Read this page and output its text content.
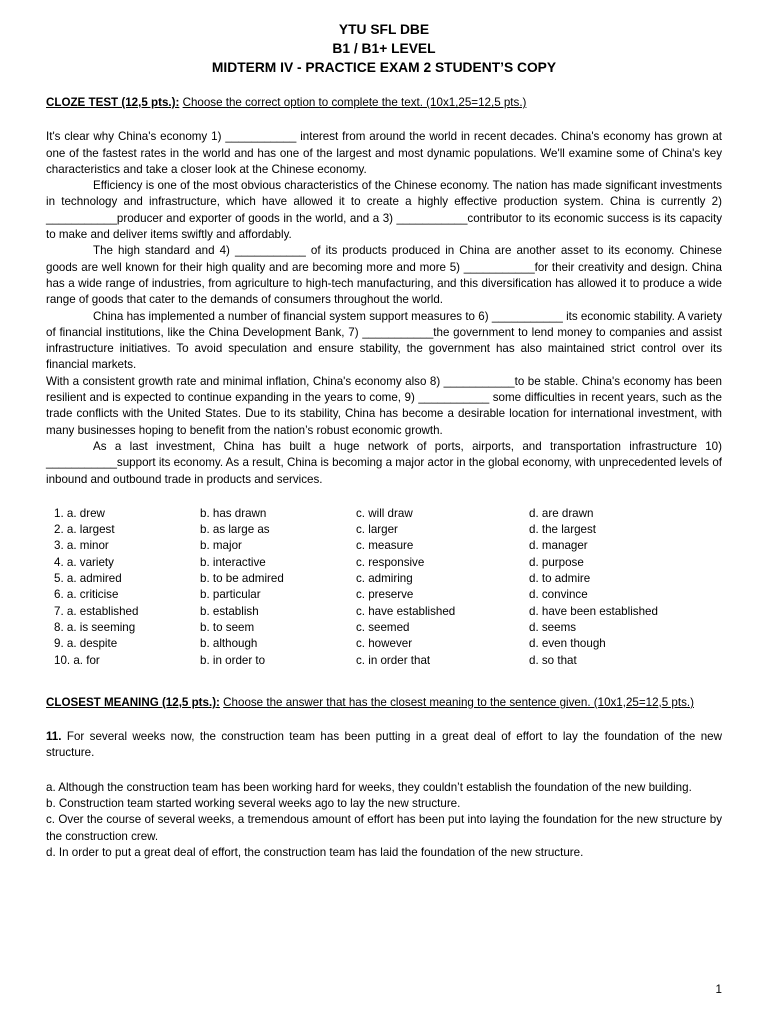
YTU SFL DBE
B1 / B1+ LEVEL
MIDTERM IV - PRACTICE EXAM 2 STUDENT’S COPY
CLOZE TEST (12,5 pts.): Choose the correct option to complete the text. (10x1,25=12,5 pts.)

It's clear why China's economy 1) ___________ interest from around the world in recent decades. China's economy has grown at one of the fastest rates in the world and has one of the largest and most dynamic populations. We'll examine some of China's key characteristics and take a closer look at the Chinese economy.

Efficiency is one of the most obvious characteristics of the Chinese economy. The nation has made significant investments in technology and infrastructure, which have allowed it to create a highly effective production system. China is currently 2) ___________producer and exporter of goods in the world, and a 3) ___________contributor to its economic success is its capacity to make and deliver items swiftly and affordably.

The high standard and 4) ___________ of its products produced in China are another asset to its economy. Chinese goods are well known for their high quality and are becoming more and more 5) ___________for their creativity and design. China has a wide range of industries, from agriculture to high-tech manufacturing, and this diversification has allowed it to produce a wide range of goods that cater to the demands of consumers throughout the world.

China has implemented a number of financial system support measures to 6) ___________ its economic stability. A variety of financial institutions, like the China Development Bank, 7) ___________the government to lend money to companies and assist infrastructure initiatives. To avoid speculation and ensure stability, the government has also maintained strict control over its financial markets.

With a consistent growth rate and minimal inflation, China's economy also 8) ___________to be stable. China's economy has been resilient and is expected to continue expanding in the years to come, 9) ___________ some difficulties in recent years, such as the trade conflicts with the United States. Due to its stability, China has become a desirable location for international investment, with many businesses hoping to benefit from the nation’s robust economic growth.

As a last investment, China has built a huge network of ports, airports, and transportation infrastructure 10) ___________support its economy. As a result, China is becoming a major actor in the global economy, with unprecedented levels of inbound and outbound trade in products and services.

1. a. drew	b. has drawn	c. will draw	d. are drawn
2. a. largest	b. as large as	c. larger	d. the largest
3. a. minor	b. major	c. measure	d. manager
4. a. variety	b. interactive	c. responsive	d. purpose
5. a. admired	b. to be admired	c. admiring	d. to admire
6. a. criticise	b. particular	c. preserve	d. convince
7. a. established	b. establish	c. have established	d. have been established
8. a. is seeming	b. to seem	c. seemed	d. seems
9. a. despite	b. although	c. however	d. even though
10. a. for	b. in order to	c. in order that	d. so that
CLOSEST MEANING (12,5 pts.): Choose the answer that has the closest meaning to the sentence given. (10x1,25=12,5 pts.)

11. For several weeks now, the construction team has been putting in a great deal of effort to lay the foundation of the new structure.

a. Although the construction team has been working hard for weeks, they couldn’t establish the foundation of the new building.

b. Construction team started working several weeks ago to lay the new structure.

c. Over the course of several weeks, a tremendous amount of effort has been put into laying the foundation for the new structure by the construction crew.

d. In order to put a great deal of effort, the construction team has laid the foundation of the new structure.

1
